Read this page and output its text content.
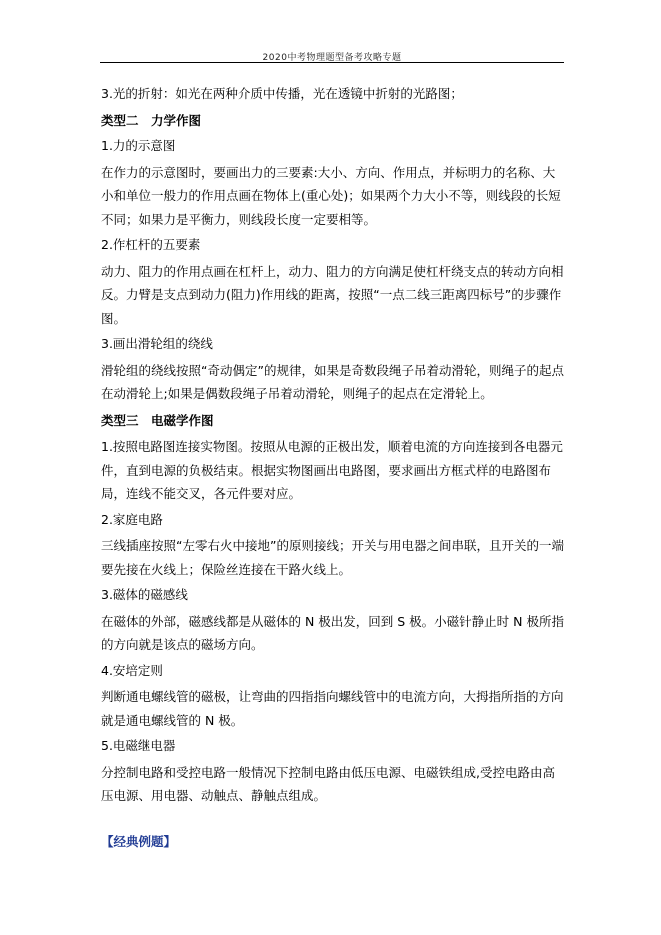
2020中考物理题型备考攻略专题

3.光的折射：如光在两种介质中传播，光在透镜中折射的光路图；

类型二　力学作图

1.力的示意图

在作力的示意图时，要画出力的三要素:大小、方向、作用点，并标明力的名称、大小和单位一般力的作用点画在物体上(重心处)；如果两个力大小不等，则线段的长短不同；如果力是平衡力，则线段长度一定要相等。

2.作杠杆的五要素

动力、阻力的作用点画在杠杆上，动力、阻力的方向满足使杠杆绕支点的转动方向相反。力臂是支点到动力(阻力)作用线的距离，按照“一点二线三距离四标号”的步骤作图。

3.画出滑轮组的绕线

滑轮组的绕线按照“奇动偶定”的规律，如果是奇数段绳子吊着动滑轮，则绳子的起点在动滑轮上;如果是偶数段绳子吊着动滑轮，则绳子的起点在定滑轮上。

类型三　电磁学作图

1.按照电路图连接实物图。按照从电源的正极出发，顺着电流的方向连接到各电器元件，直到电源的负极结束。根据实物图画出电路图，要求画出方框式样的电路图布局，连线不能交叉，各元件要对应。

2.家庭电路

三线插座按照“左零右火中接地”的原则接线；开关与用电器之间串联，且开关的一端要先接在火线上；保险丝连接在干路火线上。

3.磁体的磁感线

在磁体的外部，磁感线都是从磁体的 N 极出发，回到 S 极。小磁针静止时 N 极所指的方向就是该点的磁场方向。

4.安培定则

判断通电螺线管的磁极，让弯曲的四指指向螺线管中的电流方向，大拇指所指的方向就是通电螺线管的 N 极。

5.电磁继电器

分控制电路和受控电路一般情况下控制电路由低压电源、电磁铁组成,受控电路由高压电源、用电器、动触点、静触点组成。

【经典例题】
